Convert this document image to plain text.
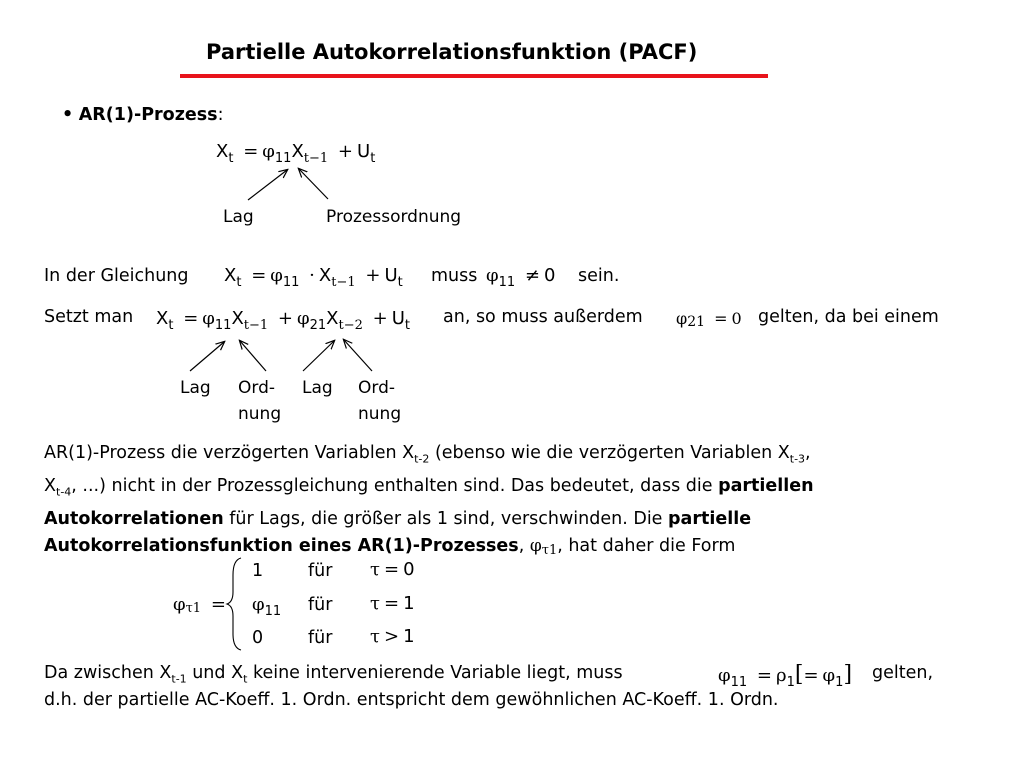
Partielle Autokorrelationsfunktion (PACF)
• AR(1)-Prozess:
$X_t = \varphi_{11}X_{t-1} + U_t$
Lag	Prozessordnung
In der Gleichung $X_t = \varphi_{11} \cdot X_{t-1} + U_t$ muss $\varphi_{11} \ne 0$ sein.
Setzt man $X_t = \varphi_{11}X_{t-1} + \varphi_{21}X_{t-2} + U_t$ an, so muss außerdem φ21 = 0 gelten, da bei einem
Lag Ord-
nung
Lag Ord-
nung
AR(1)-Prozess die verzögerten Variablen $X_{t-2}$ (ebenso wie die verzögerten Variablen $X_{t-3}$,
$X_{t-4}$, ...) nicht in der Prozessgleichung enthalten sind. Das bedeutet, dass die partiellen
Autokorrelationen für Lags, die größer als 1 sind, verschwinden. Die partielle
Autokorrelationsfunktion eines AR(1)-Prozesses, φτ1, hat daher die Form
φτ1 =
1	für τ = 0
$\varphi_{11}$ für τ = 1
0	für τ > 1
Da zwischen $X_{t-1}$ und $X_t$ keine intervenierende Variable liegt, muss	$\varphi_{11} = \rho_1[= \varphi_1]$ gelten,
d.h. der partielle AC-Koeff. 1. Ordn. entspricht dem gewöhnlichen AC-Koeff. 1. Ordn.
